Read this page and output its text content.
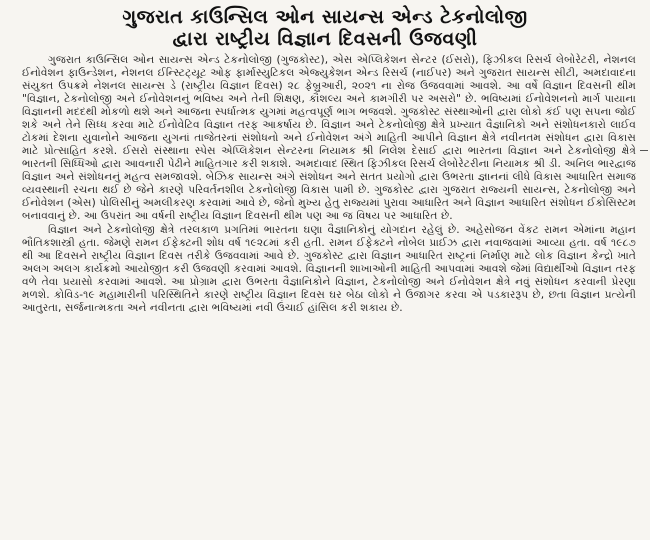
ગુજરાત કાઉન્સિલ ઓન સાયન્સ એન્ડ ટેકનોલોજી
દ્વારા રાષ્ટ્રીય વિજ્ઞાન દિવસની ઉજવણી

ગુજરાત કાઉન્સિલ ઓન સાયન્સ એન્ડ ટેકનોલોજી (ગુજકોસ્ટ), એસ એપ્લિકેશન સેન્ટર (ઈસરો), ફિઝીકલ રિસર્ચ લેબોરેટરી, નેશનલ ઈનોવેશન ફાઉન્ડેશન, નેશનલ ઈન્સ્ટિટ્યૂટ ઓફ ફાર્માસ્યુટિકલ એજ્યુકેશન એન્ડ રિસર્ચ (નાઈપર) અને ગુજરાત સાયન્સ સીટી, અમદાવાદના સંયુક્ત ઉપક્રમે નેશનલ સાયન્સ ડે (રાષ્ટ્રીય વિજ્ઞાન દિવસ) ૨૮ ફેબ્રુઆરી, ૨૦૨૧ ના રોજ ઉજવવામાં આવશે. આ વર્ષે વિજ્ઞાન દિવસની થીમ "વિજ્ઞાન, ટેકનોલોજી અને ઈનોવેશનનું ભવિષ્ય અને તેની શિક્ષણ, કૌશલ્ય અને કામગીરી પર અસરો" છે. ભવિષ્યમાં ઈનોવેશનનો માર્ગ પાયાના વિજ્ઞાનની મદદથી મોકળો થશે અને આજના સ્પર્ધાત્મક યુગમાં મહત્વપૂર્ણ ભાગ ભજવશે. ગુજકોસ્ટ સંસ્થાઓની દ્વારા લોકો કંઈ પણ સપના જોઈ શકે અને તેને સિધ્ધ કરવા માટે ઈનોવેટિવ વિજ્ઞાન તરફ આકર્ષાય છે. વિજ્ઞાન અને ટેકનોલોજી ક્ષેત્રે પ્રખ્યાત વૈજ્ઞાનિકો અને સંશોધનકારો લાઈવ ટોકમાં દેશના યુવાનોને આજના યુગનાં તાજેતરનાં સંશોધનો અને ઈનોવેશન અંગે માહિતી આપીને વિજ્ઞાન ક્ષેત્રે નવીનતમ સંશોધન દ્વારા વિકાસ માટે પ્રોત્સાહિત કરશે. ઈસરો સંસ્થાના સ્પેસ એપ્લિકેશન સેન્ટરના નિયામક શ્રી નિલેશ દેસાઈ દ્વારા ભારતના વિજ્ઞાન અને ટેકનોલોજી ક્ષેત્રે ભારતની સિધ્ધિઓ દ્વારા આવનારી પેઢીને માહિતગાર કરી શકાશે. અમદાવાદ સ્થિત ફિઝીકલ રિસર્ચ લેબોરેટરીના નિયામક શ્રી ડી. અનિલ ભારદ્વાજ વિજ્ઞાન અને સંશોધનનું મહત્વ સમજાવશે. બેઝિક સાયન્સ અંગે સંશોધન અને સતત પ્રયોગો દ્વારા ઉભરતા જ્ઞાનનાં લીધે વિકાસ આધારિત સમાજ વ્યવસ્થાની રચના થઈ છે જેને કારણે પરિવર્તનશીલ ટેકનોલોજી વિકાસ પામી છે. ગુજકોસ્ટ દ્વારા ગુજરાત રાજ્યની સાયન્સ, ટેકનોલોજી અને ઈનોવેશન (એસ) પોલિસીનું અમલીકરણ કરવામાં આવે છે, જેનો મુખ્ય હેતુ રાજ્યમાં પુરાવા આધારિત અને વિજ્ઞાન આધારિત સંશોધન ઈકોસિસ્ટમ બનાવવાનું છે. આ ઉપરાંત આ વર્ષની રાષ્ટ્રીય વિજ્ઞાન દિવસની થીમ પણ આ જ વિષય પર આધારિત છે.

વિજ્ઞાન અને ટેકનોલોજી ક્ષેત્રે તરલકાળ પ્રગતિમાં ભારતના ઘણા વૈજ્ઞાનિકોનું યોગદાન રહેલું છે. અહેસોજન વેંકટ રામન એમાંના મહાન ભૌતિકશાસ્ત્રી હતા. જેમણે રામન ઈફેક્ટની શોધ વર્ષ ૧૯૨૮માં કરી હતી. રામન ઈફેક્ટને નોબેલ પ્રાઈઝ દ્વારા નવાજવામાં આવ્યા હતા. વર્ષ ૧૯૮૭ થી આ દિવસને રાષ્ટ્રીય વિજ્ઞાન દિવસ તરીકે ઉજવવામાં આવે છે. ગુજકોસ્ટ દ્વારા વિજ્ઞાન આધારિત રાષ્ટ્રનાં નિર્માણ માટે લોક વિજ્ઞાન કેન્દ્રો ખાતે અલગ અલગ કાર્યક્રમો આયોજીત કરી ઉજવણી કરવામાં આવશે. વિજ્ઞાનની શાખાઓની માહિતી આપવામાં આવશે જેમાં વિદ્યાર્થીઓ વિજ્ઞાન તરફ વળે તેવા પ્રયાસો કરવામાં આવશે. આ પ્રોગ્રામ દ્વારા ઉભરતા વૈજ્ઞાનિકોને વિજ્ઞાન, ટેકનોલોજી અને ઈનોવેશન ક્ષેત્રે નવું સંશોધન કરવાની પ્રેરણા મળશે. કોવિડ-૧૯ મહામારીની પરિસ્થિતિને કારણે રાષ્ટ્રીય વિજ્ઞાન દિવસ ઘર બેઠા લોકો ને ઉજાગર કરવા એ પડકારરૂપ છે, છતા વિજ્ઞાન પ્રત્યેની આતુરતા, સર્જનાત્મકતા અને નવીનતા દ્વારા ભવિષ્યમાં નવી ઉંચાઈ હાંસિલ કરી શકાય છે.
